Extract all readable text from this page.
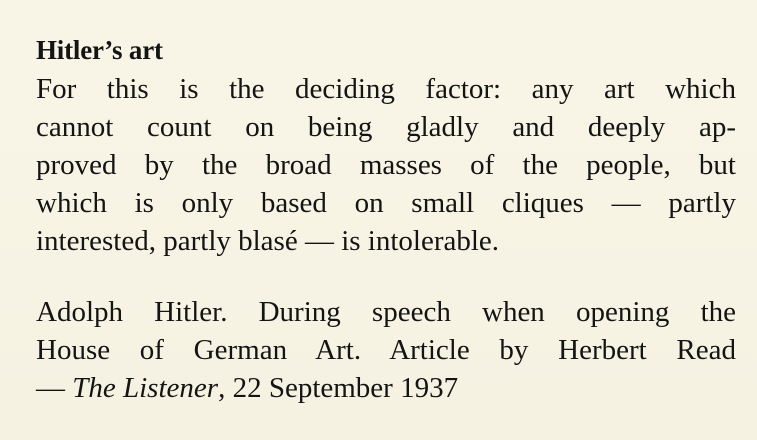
Hitler’s art
For this is the deciding factor: any art which
cannot count on being gladly and deeply ap-
proved by the broad masses of the people, but
which is only based on small cliques — partly
interested, partly blasé — is intolerable.
Adolph Hitler. During speech when opening the
House of German Art. Article by Herbert Read
— The Listener, 22 September 1937
